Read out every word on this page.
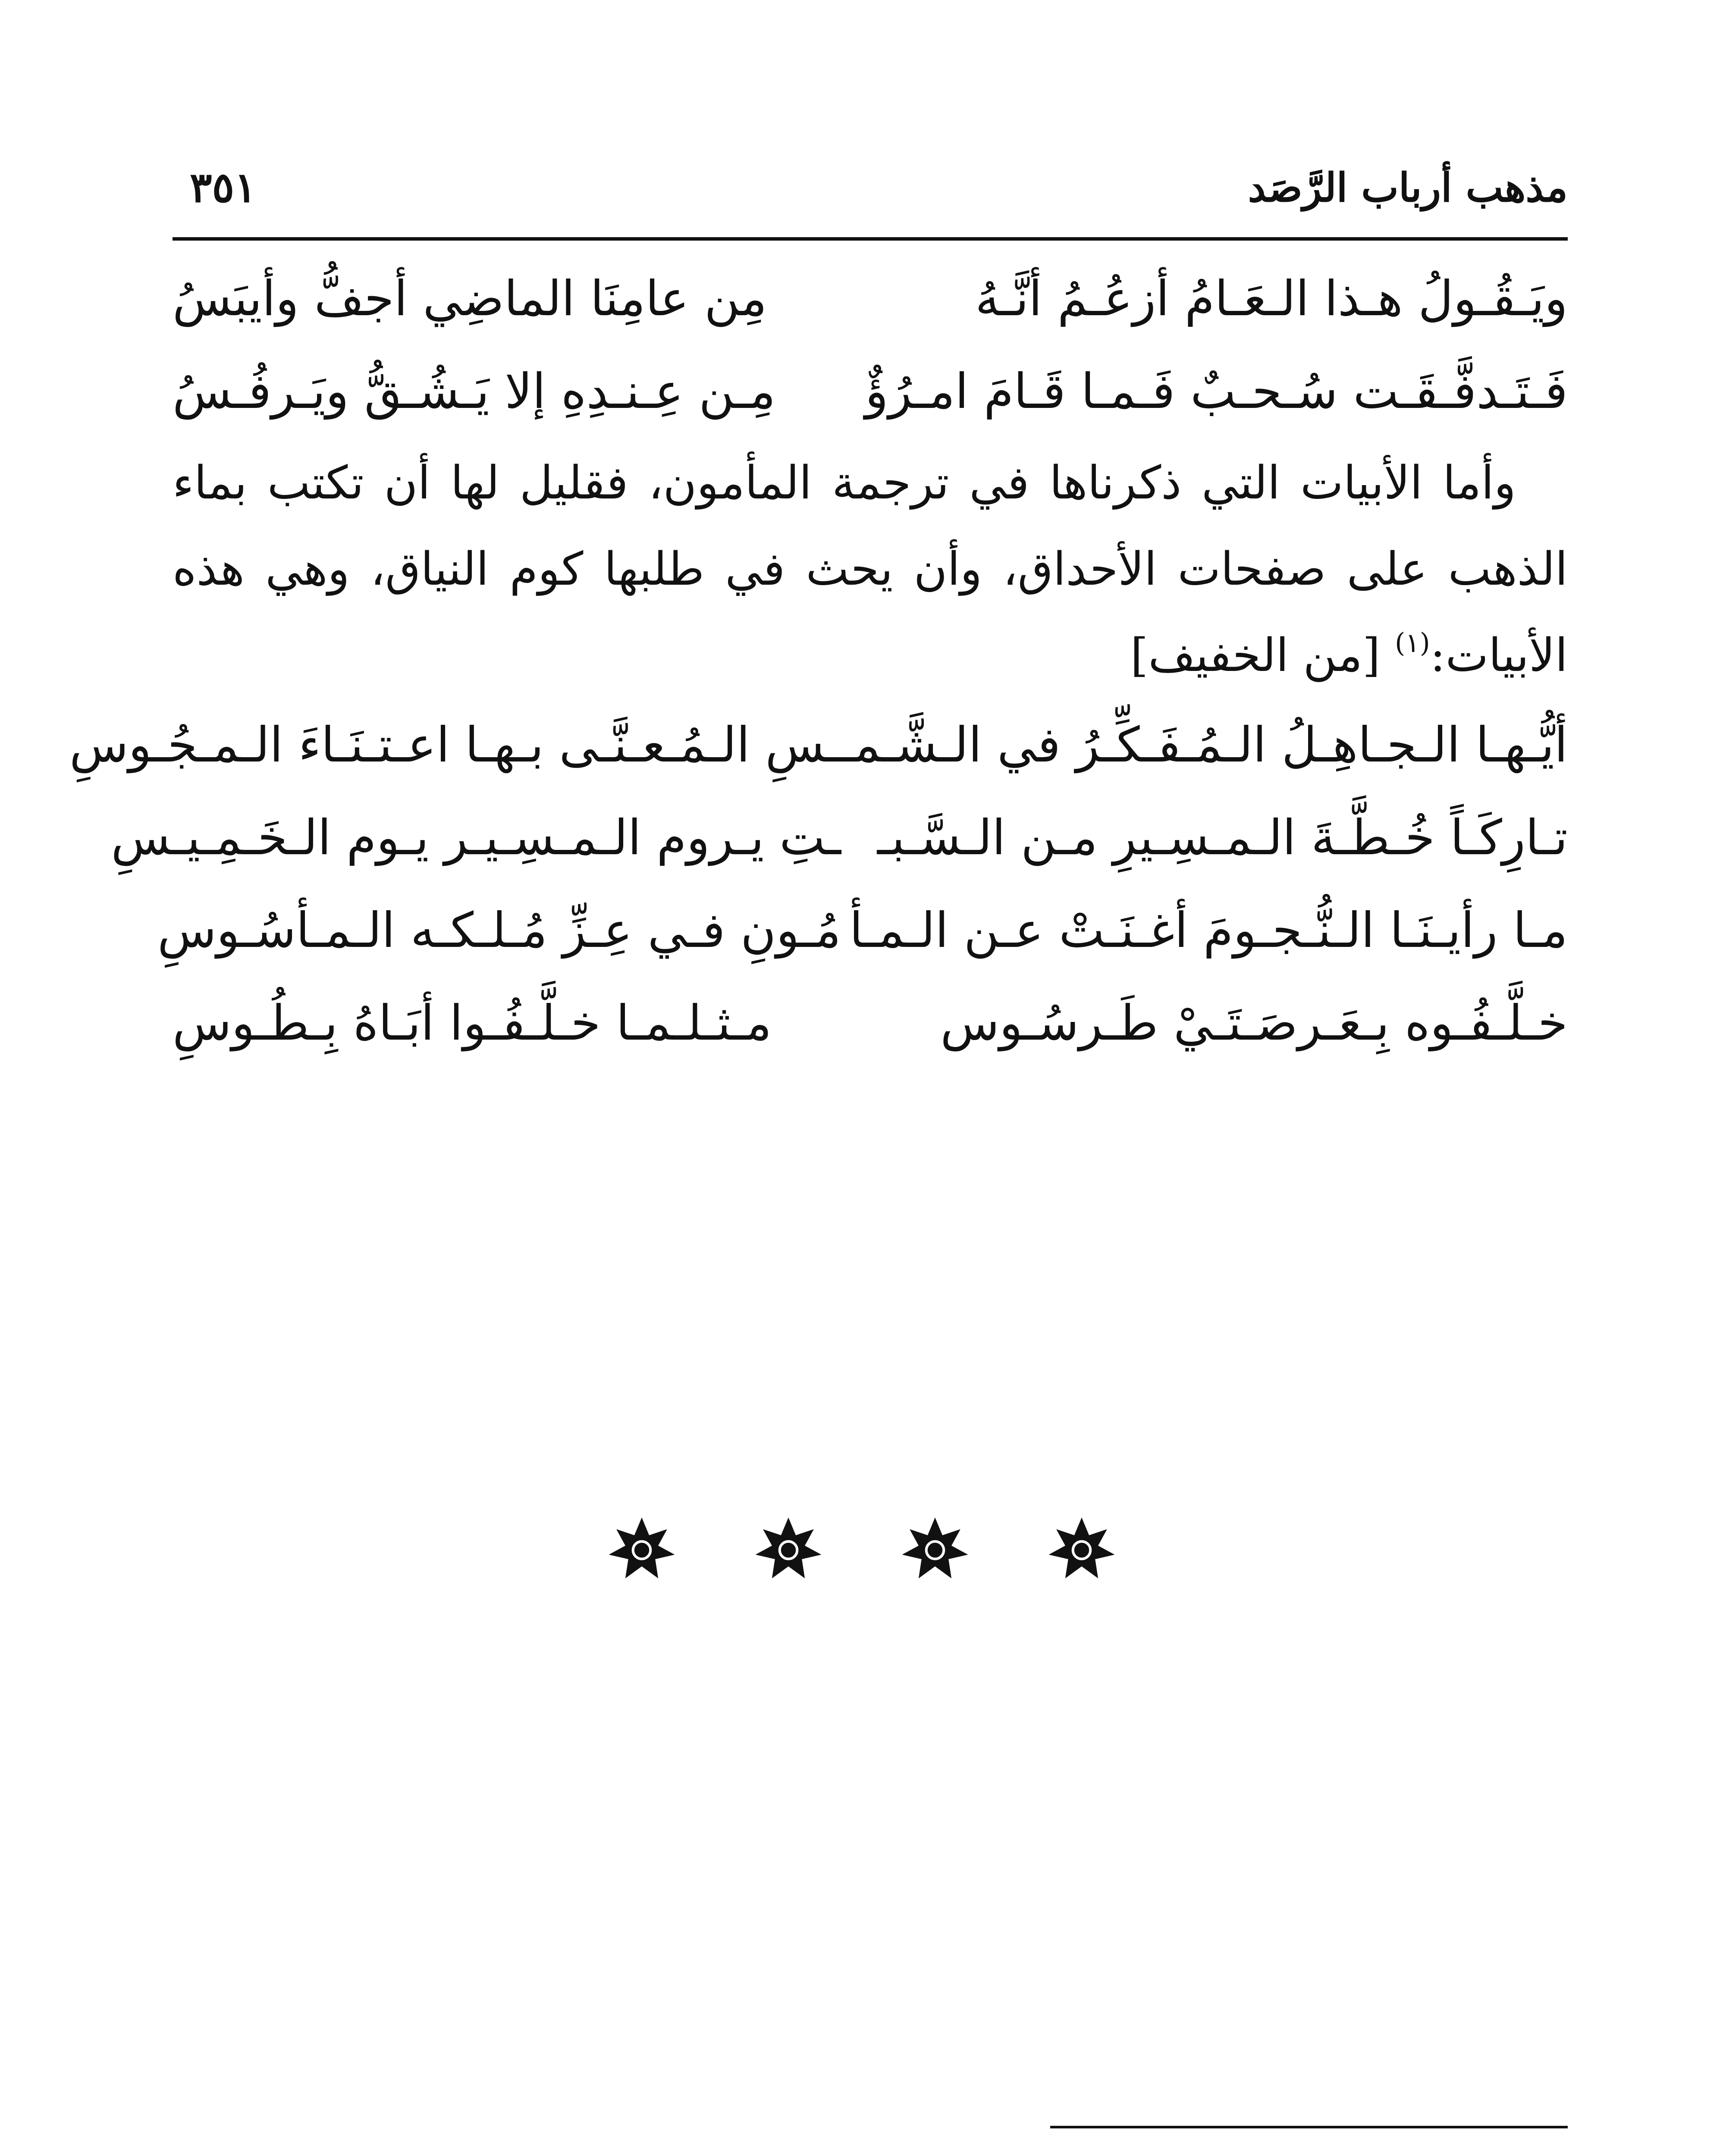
مذهب أرباب الرَّصَد
٣٥١
ويَـقُـولُ هـذا الـعَـامُ أزعُـمُ أنَّـهُ
مِن عامِنَا الماضِي أجفُّ وأيبَسُ
فَـتَـدفَّـقَـت سُـحـبٌ فَـمـا قَـامَ امـرُؤٌ
مِـن عِـنـدِهِ إلا يَـشُـقُّ ويَـرفُـسُ
وأما الأبيات التي ذكرناها في ترجمة المأمون، فقليل لها أن تكتب بماء الذهب على صفحات الأحداق، وأن يحث في طلبها كوم النياق، وهي هذه الأبيات:$^{(١)}$ [من الخفيف]
أيُّـهـا الـجـاهِـلُ الـمُـفَـكِّـرُ في الـشَّـمـ
ـسِ الـمُـعـنَّـى بـهـا اعـتـنَـاءَ الـمـجُـوسِ
تـارِكَـاً خُـطَّـةَ الـمـسِـيرِ مـن الـسَّـبـ
ـتِ يـروم الـمـسِـيـر يـوم الـخَـمِـيـسِ
مـا رأيـنَـا الـنُّـجـومَ أغـنَـتْ عـن الـمـأ
مُـونِ فـي عِـزِّ مُـلـكـه الـمـأسُـوسِ
خـلَّـفُـوه بِـعَـرصَـتَـيْ طَـرسُـوس
مـثـلـمـا خـلَّـفُـوا أبَـاهُ بِـطُـوسِ
